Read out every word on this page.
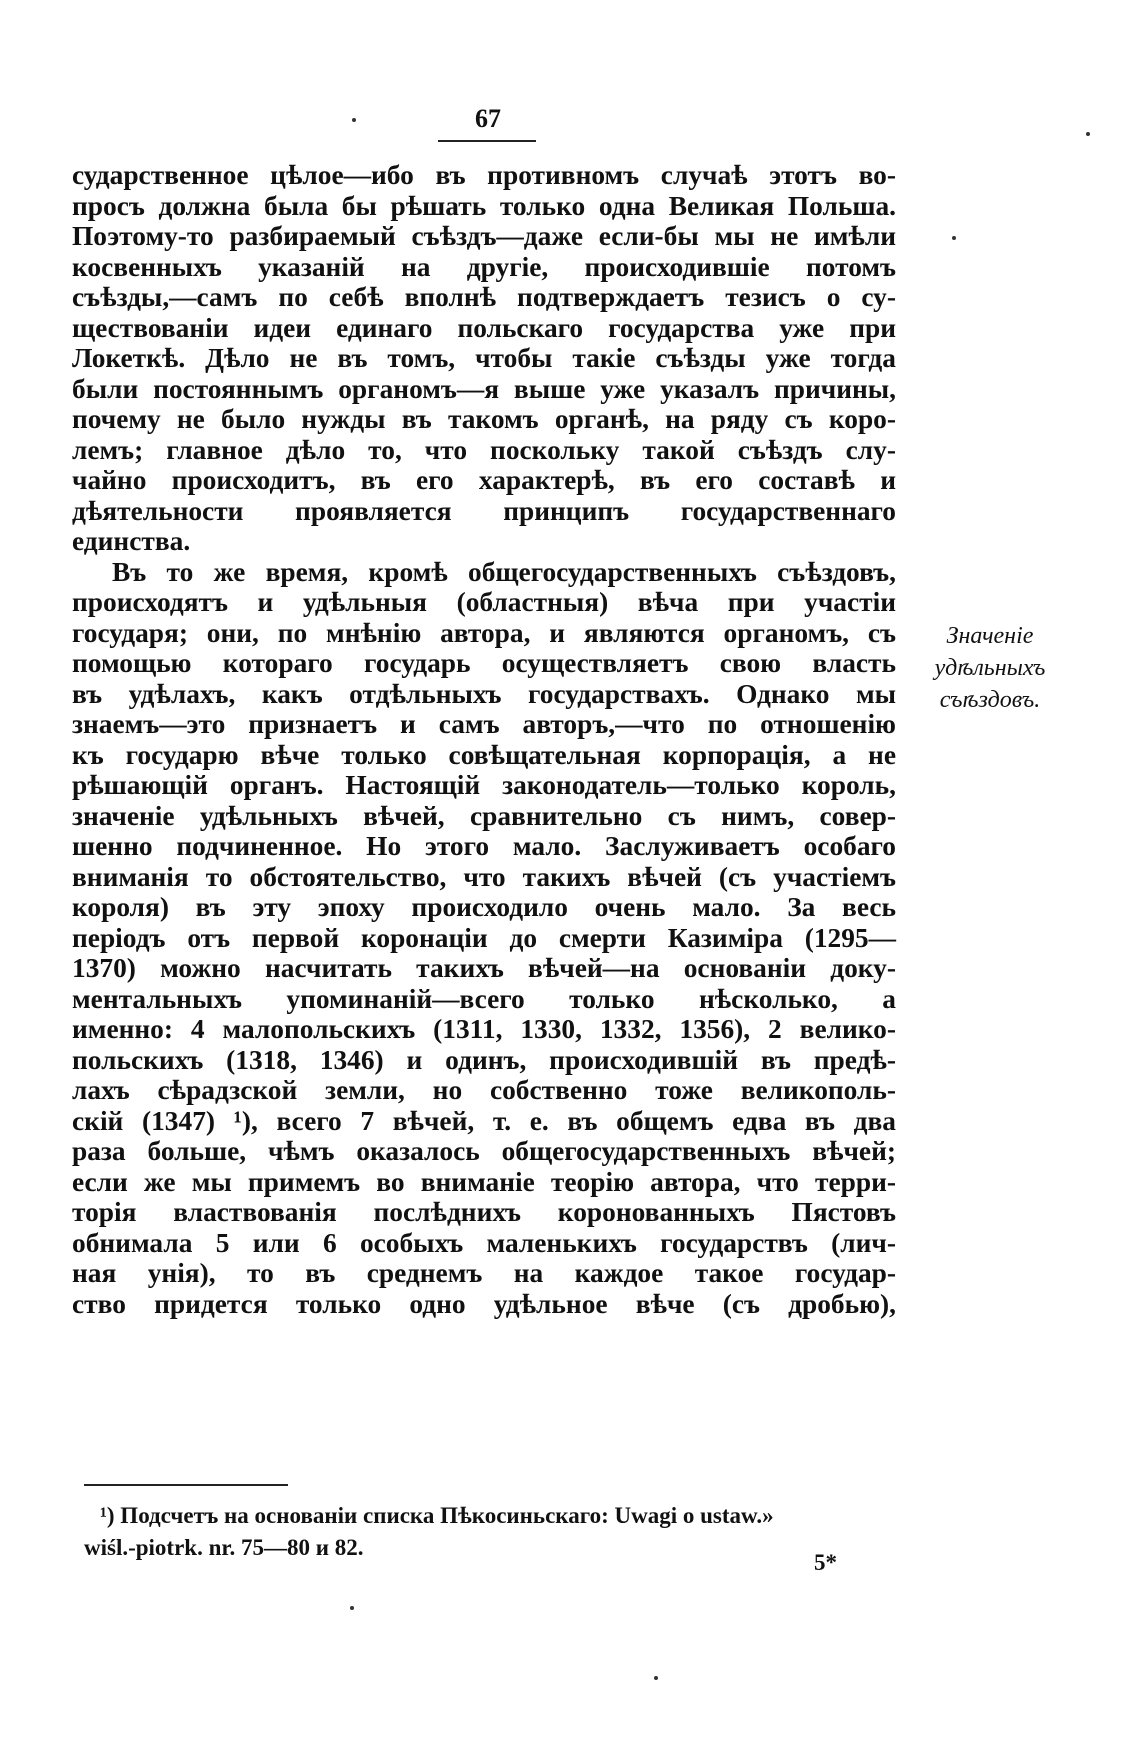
67
сударственное цѣлое—ибо въ противномъ случаѣ этотъ во-
просъ должна была бы рѣшать только одна Великая Польша.
Поэтому-то разбираемый съѣздъ—даже если-бы мы не имѣли
косвенныхъ указаній на другіе, происходившіе потомъ
съѣзды,—самъ по себѣ вполнѣ подтверждаетъ тезисъ о су-
ществованіи идеи единаго польскаго государства уже при
Локеткѣ. Дѣло не въ томъ, чтобы такіе съѣзды уже тогда
были постояннымъ органомъ—я выше уже указалъ причины,
почему не было нужды въ такомъ органѣ, на ряду съ коро-
лемъ; главное дѣло то, что поскольку такой съѣздъ слу-
чайно происходитъ, въ его характерѣ, въ его составѣ и
дѣятельности проявляется принципъ государственнаго
единства.
Въ то же время, кромѣ общегосударственныхъ съѣздовъ,
происходятъ и удѣльныя (областныя) вѣча при участіи
государя; они, по мнѣнію автора, и являются органомъ, съ
помощью котораго государь осуществляетъ свою власть
въ удѣлахъ, какъ отдѣльныхъ государствахъ. Однако мы
знаемъ—это признаетъ и самъ авторъ,—что по отношенію
къ государю вѣче только совѣщательная корпорація, а не
рѣшающій органъ. Настоящій законодатель—только король,
значеніе удѣльныхъ вѣчей, сравнительно съ нимъ, совер-
шенно подчиненное. Но этого мало. Заслуживаетъ особаго
вниманія то обстоятельство, что такихъ вѣчей (съ участіемъ
короля) въ эту эпоху происходило очень мало. За весь
періодъ отъ первой коронаціи до смерти Казиміра (1295—
1370) можно насчитать такихъ вѣчей—на основаніи доку-
ментальныхъ упоминаній—всего только нѣсколько, а
именно: 4 малопольскихъ (1311, 1330, 1332, 1356), 2 велико-
польскихъ (1318, 1346) и одинъ, происходившій въ предѣ-
лахъ сѣрадзской земли, но собственно тоже великополь-
скій (1347) ¹), всего 7 вѣчей, т. е. въ общемъ едва въ два
раза больше, чѣмъ оказалось общегосударственныхъ вѣчей;
если же мы примемъ во вниманіе теорію автора, что терри-
торія властвованія послѣднихъ коронованныхъ Пястовъ
обнимала 5 или 6 особыхъ маленькихъ государствъ (лич-
ная унія), то въ среднемъ на каждое такое государ-
ство придется только одно удѣльное вѣче (съ дробью),
Значеніе
удѣльныхъ
съѣздовъ.
¹) Подсчетъ на основаніи списка Пѣкосиньскаго: Uwagi o ustaw.»
wiśl.-piotrk. nr. 75—80 и 82.
5*
